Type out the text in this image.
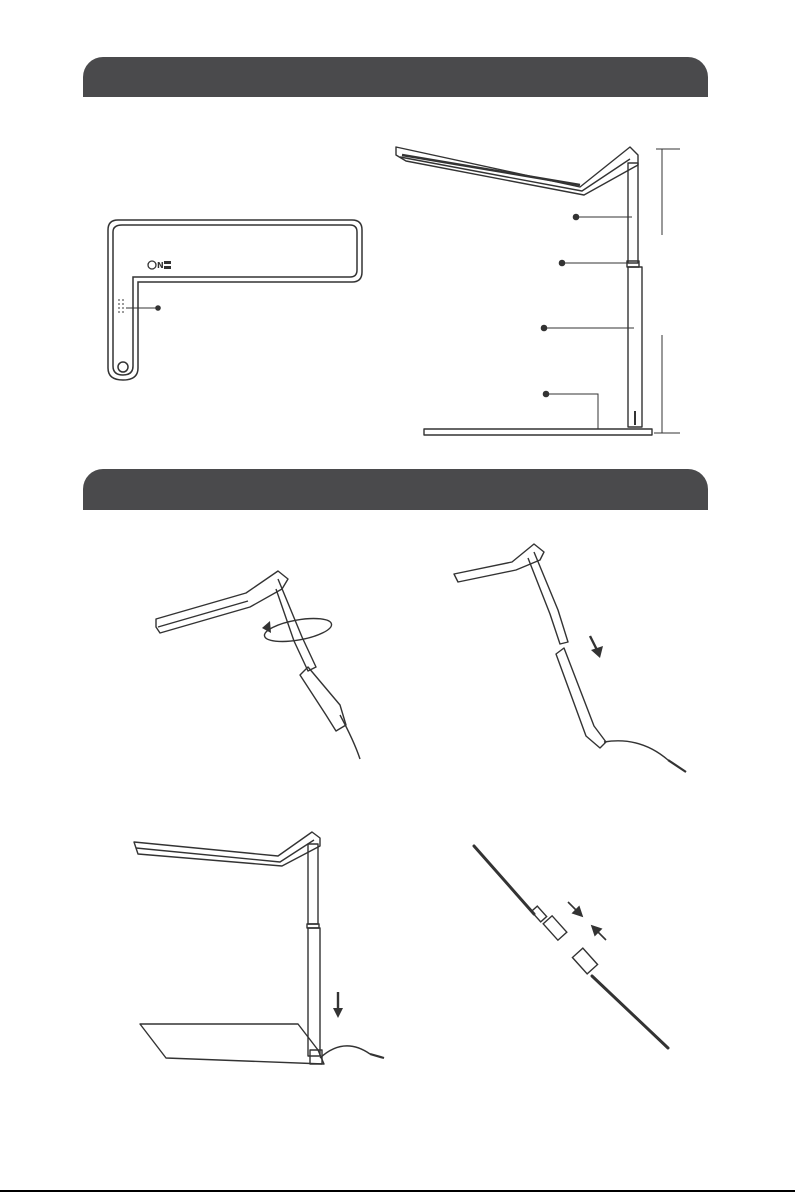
N
